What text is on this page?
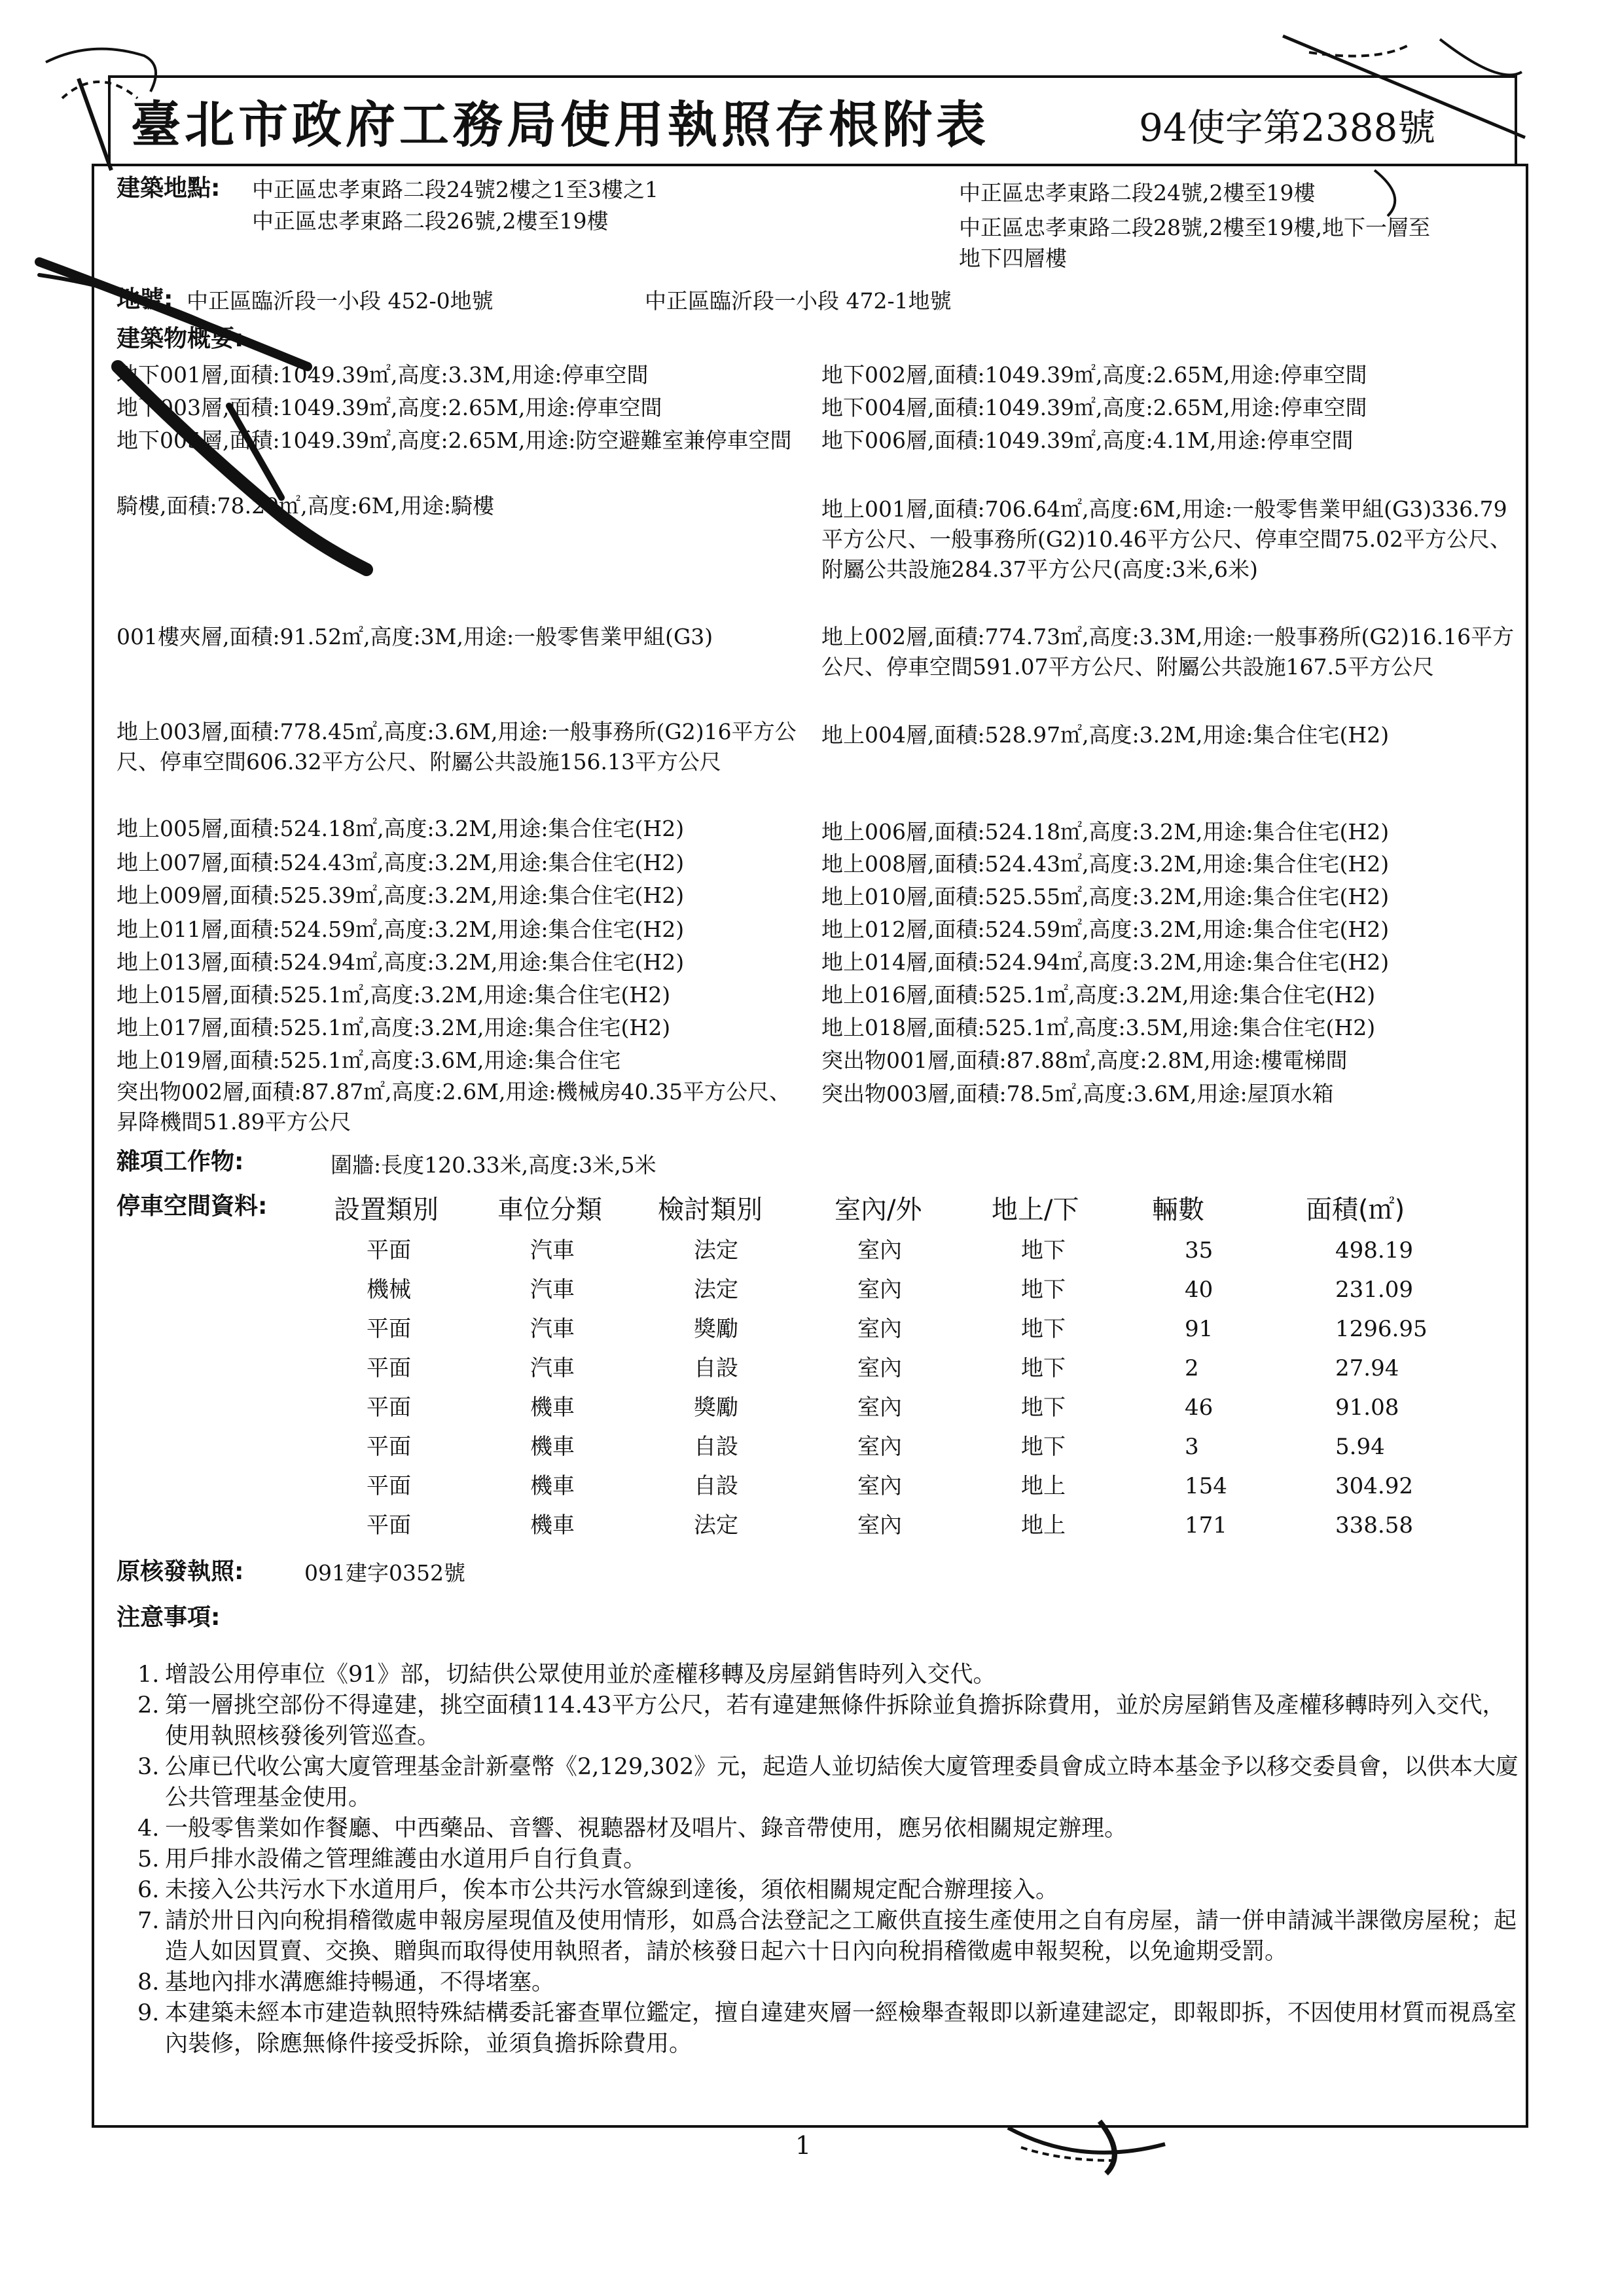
臺北市政府工務局使用執照存根附表	94使字第2388號
建築地點: 中正區忠孝東路二段24號2樓之1至3樓之1
中正區忠孝東路二段26號,2樓至19樓
中正區忠孝東路二段24號,2樓至19樓
中正區忠孝東路二段28號,2樓至19樓,地下一層至
地下四層樓
地號: 中正區臨沂段一小段 452-0地號	中正區臨沂段一小段 472-1地號
建築物概要:
地下001層,面積:1049.39㎡,高度:3.3M,用途:停車空間	地下002層,面積:1049.39㎡,高度:2.65M,用途:停車空間
地下003層,面積:1049.39㎡,高度:2.65M,用途:停車空間	地下004層,面積:1049.39㎡,高度:2.65M,用途:停車空間
地下005層,面積:1049.39㎡,高度:2.65M,用途:防空避難室兼停車空間	地下006層,面積:1049.39㎡,高度:4.1M,用途:停車空間
騎樓,面積:78.29㎡,高度:6M,用途:騎樓	地上001層,面積:706.64㎡,高度:6M,用途:一般零售業甲組(G3)336.79平方公尺、一般事務所(G2)10.46平方公尺、停車空間75.02平方公尺、附屬公共設施284.37平方公尺(高度:3米,6米)
001樓夾層,面積:91.52㎡,高度:3M,用途:一般零售業甲組(G3)	地上002層,面積:774.73㎡,高度:3.3M,用途:一般事務所(G2)16.16平方公尺、停車空間591.07平方公尺、附屬公共設施167.5平方公尺
地上003層,面積:778.45㎡,高度:3.6M,用途:一般事務所(G2)16平方公尺、停車空間606.32平方公尺、附屬公共設施156.13平方公尺
地上004層,面積:528.97㎡,高度:3.2M,用途:集合住宅(H2)
地上005層,面積:524.18㎡,高度:3.2M,用途:集合住宅(H2)	地上006層,面積:524.18㎡,高度:3.2M,用途:集合住宅(H2)
地上007層,面積:524.43㎡,高度:3.2M,用途:集合住宅(H2)	地上008層,面積:524.43㎡,高度:3.2M,用途:集合住宅(H2)
地上009層,面積:525.39㎡,高度:3.2M,用途:集合住宅(H2)	地上010層,面積:525.55㎡,高度:3.2M,用途:集合住宅(H2)
地上011層,面積:524.59㎡,高度:3.2M,用途:集合住宅(H2)	地上012層,面積:524.59㎡,高度:3.2M,用途:集合住宅(H2)
地上013層,面積:524.94㎡,高度:3.2M,用途:集合住宅(H2)	地上014層,面積:524.94㎡,高度:3.2M,用途:集合住宅(H2)
地上015層,面積:525.1㎡,高度:3.2M,用途:集合住宅(H2)	地上016層,面積:525.1㎡,高度:3.2M,用途:集合住宅(H2)
地上017層,面積:525.1㎡,高度:3.2M,用途:集合住宅(H2)	地上018層,面積:525.1㎡,高度:3.5M,用途:集合住宅(H2)
地上019層,面積:525.1㎡,高度:3.6M,用途:集合住宅	突出物001層,面積:87.88㎡,高度:2.8M,用途:樓電梯間
突出物002層,面積:87.87㎡,高度:2.6M,用途:機械房40.35平方公尺、昇降機間51.89平方公尺
突出物003層,面積:78.5㎡,高度:3.6M,用途:屋頂水箱
雜項工作物:	圍牆:長度120.33米,高度:3米,5米
停車空間資料:	設置類別 車位分類 檢討類別	室內/外	地上/下	輛數	面積(㎡)
平面	汽車	法定	室內	地下	35	498.19
機械	汽車	法定	室內	地下	40	231.09
平面	汽車	獎勵	室內	地下	91	1296.95
平面	汽車	自設	室內	地下	2	27.94
平面	機車	獎勵	室內	地下	46	91.08
平面	機車	自設	室內	地下	3	5.94
平面	機車	自設	室內	地上	154	304.92
平面	機車	法定	室內	地上	171	338.58
原核發執照:	091建字0352號
注意事項:
1. 增設公用停車位《91》部，切結供公眾使用並於產權移轉及房屋銷售時列入交代。
2. 第一層挑空部份不得違建，挑空面積114.43平方公尺，若有違建無條件拆除並負擔拆除費用，並於房屋銷售及產權移轉時列入交代，使用執照核發後列管巡查。
3. 公庫已代收公寓大廈管理基金計新臺幣《2,129,302》元，起造人並切結俟大廈管理委員會成立時本基金予以移交委員會，以供本大廈公共管理基金使用。
4. 一般零售業如作餐廳、中西藥品、音響、視聽器材及唱片、錄音帶使用，應另依相關規定辦理。
5. 用戶排水設備之管理維護由水道用戶自行負責。
6. 未接入公共污水下水道用戶，俟本市公共污水管線到達後，須依相關規定配合辦理接入。
7. 請於卅日內向稅捐稽徵處申報房屋現值及使用情形，如爲合法登記之工廠供直接生產使用之自有房屋，請一併申請減半課徵房屋稅；起造人如因買賣、交換、贈與而取得使用執照者，請於核發日起六十日內向稅捐稽徵處申報契稅，以免逾期受罰。
8. 基地內排水溝應維持暢通，不得堵塞。
9. 本建築未經本市建造執照特殊結構委託審查單位鑑定，擅自違建夾層一經檢舉查報即以新違建認定，即報即拆，不因使用材質而視爲室內裝修，除應無條件接受拆除，並須負擔拆除費用。
1
